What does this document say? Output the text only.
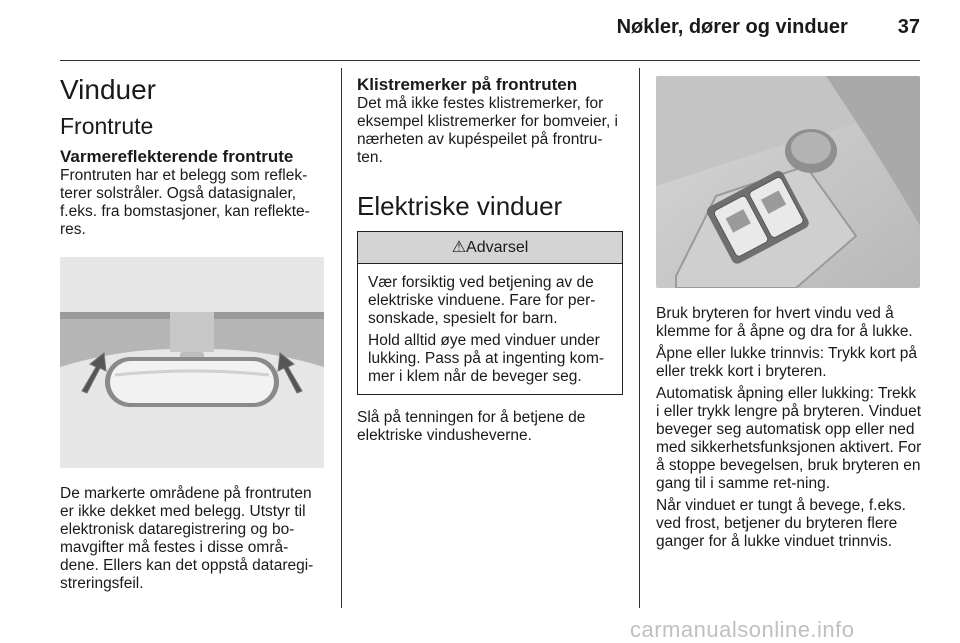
Nøkler, dører og vinduer	37
Vinduer
Frontrute
Varmereflekterende frontrute

Frontruten har et belegg som reflek-terer solstråler. Også datasignaler, f.eks. fra bomstasjoner, kan reflekte-res.

De markerte områdene på frontruten er ikke dekket med belegg. Utstyr til elektronisk dataregistrering og bo-mavgifter må festes i disse områ-dene. Ellers kan det oppstå dataregi-streringsfeil.

Klistremerker på frontruten

Det må ikke festes klistremerker, for eksempel klistremerker for bomveier, i nærheten av kupéspeilet på frontru-ten.

Elektriske vinduer
⚠Advarsel

Vær forsiktig ved betjening av de elektriske vinduene. Fare for per-sonskade, spesielt for barn.

Hold alltid øye med vinduer under lukking. Pass på at ingenting kom-mer i klem når de beveger seg.

Slå på tenningen for å betjene de elektriske vindusheverne.

Bruk bryteren for hvert vindu ved å klemme for å åpne og dra for å lukke.

Åpne eller lukke trinnvis: Trykk kort på eller trekk kort i bryteren.

Automatisk åpning eller lukking: Trekk i eller trykk lengre på bryteren. Vinduet beveger seg automatisk opp eller ned med sikkerhetsfunksjonen aktivert. For å stoppe bevegelsen, bruk bryteren en gang til i samme ret-ning.

Når vinduet er tungt å bevege, f.eks. ved frost, betjener du bryteren flere ganger for å lukke vinduet trinnvis.

carmanualsonline.info
